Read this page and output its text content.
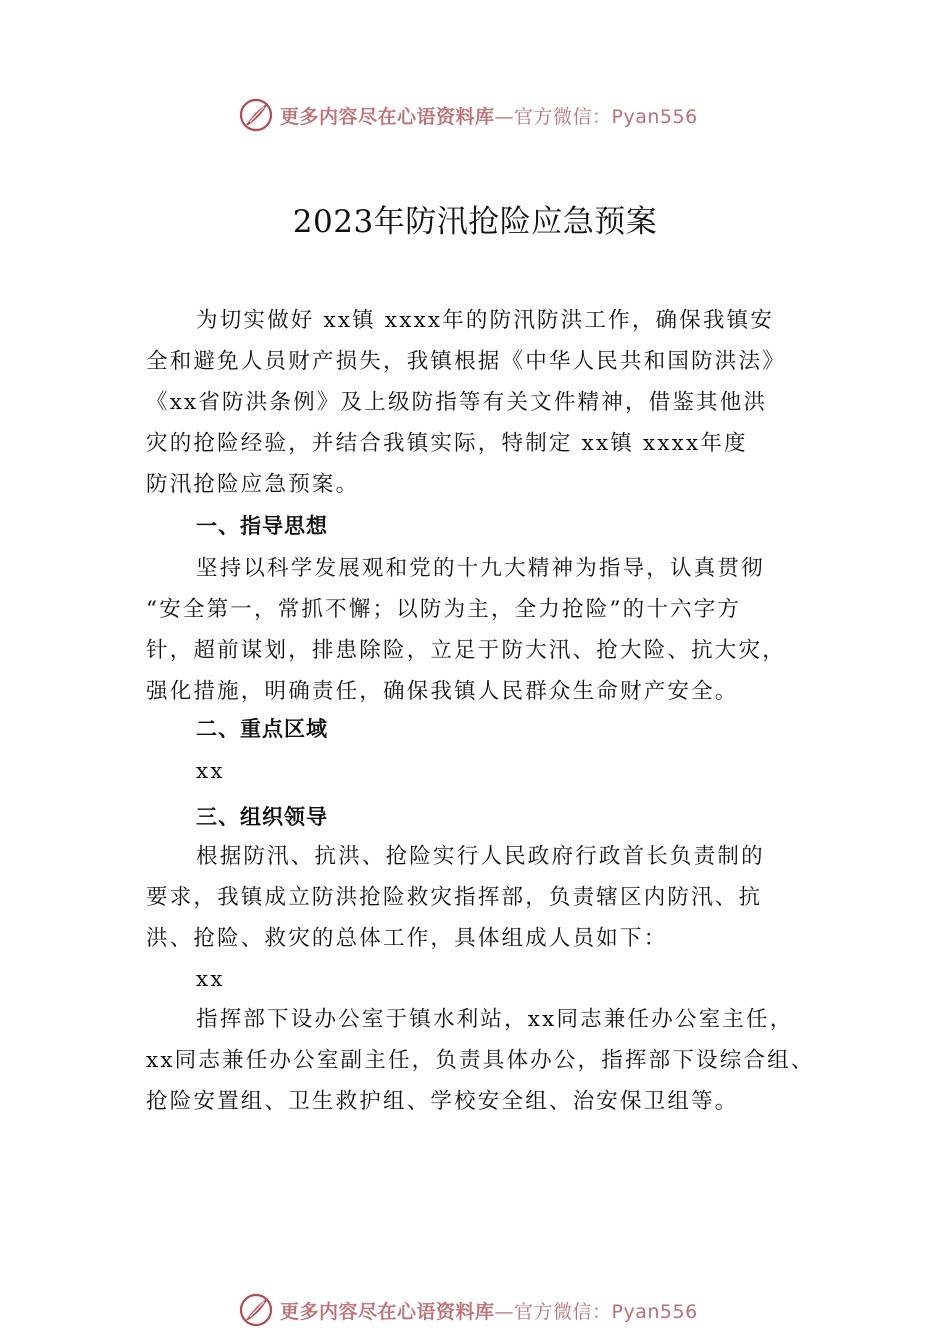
更多内容尽在心语资料库—官方微信：Pyan556
2023年防汛抢险应急预案
为切实做好 xx镇 xxxx年的防汛防洪工作，确保我镇安
全和避免人员财产损失，我镇根据《中华人民共和国防洪法》
《xx省防洪条例》及上级防指等有关文件精神，借鉴其他洪
灾的抢险经验，并结合我镇实际，特制定 xx镇 xxxx年度
防汛抢险应急预案。
一、指导思想
坚持以科学发展观和党的十九大精神为指导，认真贯彻
“安全第一，常抓不懈；以防为主，全力抢险”的十六字方
针，超前谋划，排患除险，立足于防大汛、抢大险、抗大灾，
强化措施，明确责任，确保我镇人民群众生命财产安全。
二、重点区域
xx
三、组织领导
根据防汛、抗洪、抢险实行人民政府行政首长负责制的
要求，我镇成立防洪抢险救灾指挥部，负责辖区内防汛、抗
洪、抢险、救灾的总体工作，具体组成人员如下：
xx
指挥部下设办公室于镇水利站，xx同志兼任办公室主任，
xx同志兼任办公室副主任，负责具体办公，指挥部下设综合组、
抢险安置组、卫生救护组、学校安全组、治安保卫组等。
更多内容尽在心语资料库—官方微信：Pyan556
